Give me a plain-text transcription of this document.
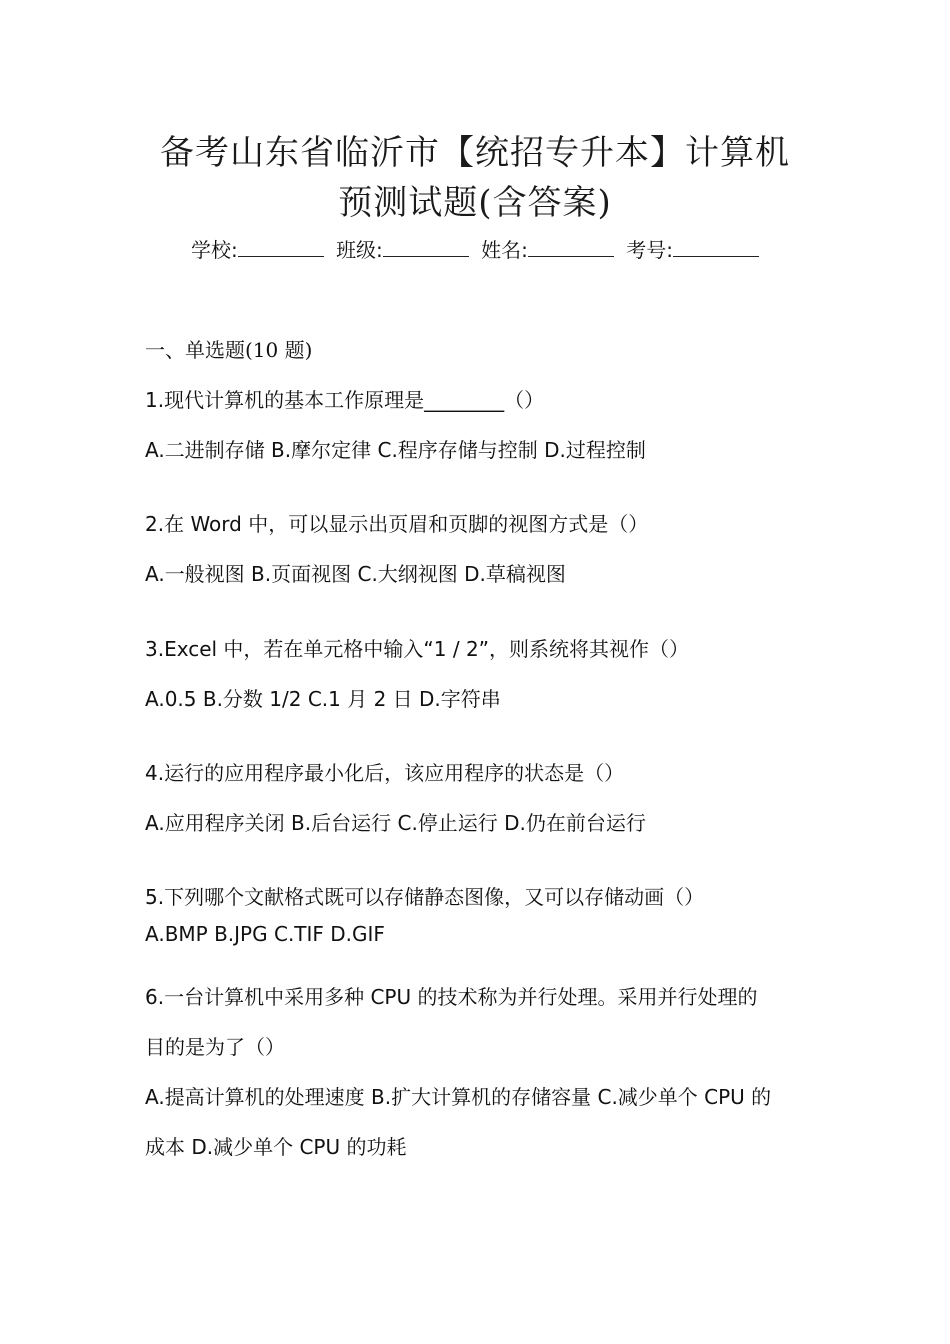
备考山东省临沂市【统招专升本】计算机
预测试题(含答案)
学校:	班级:	姓名:	考号:
一、单选题(10 题)
1.现代计算机的基本工作原理是________（）
A.二进制存储 B.摩尔定律 C.程序存储与控制 D.过程控制
2.在 Word 中，可以显示出页眉和页脚的视图方式是（）
A.一般视图 B.页面视图 C.大纲视图 D.草稿视图
3.Excel 中，若在单元格中输入“1 / 2”，则系统将其视作（）
A.0.5 B.分数 1/2 C.1 月 2 日 D.字符串
4.运行的应用程序最小化后，该应用程序的状态是（）
A.应用程序关闭 B.后台运行 C.停止运行 D.仍在前台运行
5.下列哪个文献格式既可以存储静态图像，又可以存储动画（）
A.BMP B.JPG C.TIF D.GIF
6.一台计算机中采用多种 CPU 的技术称为并行处理。采用并行处理的
目的是为了（）
A.提高计算机的处理速度 B.扩大计算机的存储容量 C.减少单个 CPU 的
成本 D.减少单个 CPU 的功耗
